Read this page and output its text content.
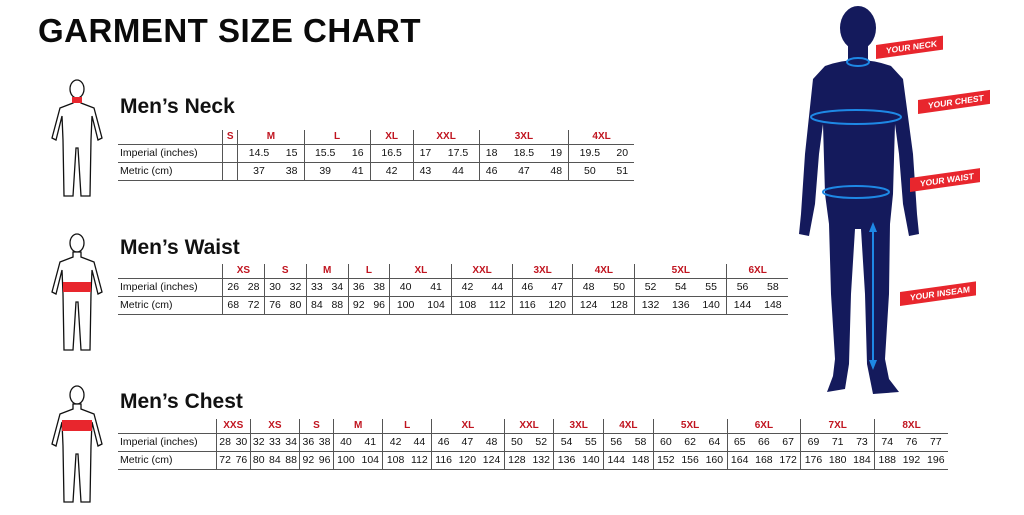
GARMENT SIZE CHART
Men’s Neck
	S	M		L		XL	XXL		3XL			4XL	
Imperial (inches)		14.5	15	15.5	16	16.5	17	17.5	18	18.5	19	19.5	20
Metric (cm)		37	38	39	41	42	43	44	46	47	48	50	51
Men’s Waist
	XS		S		M		L		XL		XXL		3XL		4XL		5XL			6XL	
Imperial (inches)	26	28	30	32	33	34	36	38	40	41	42	44	46	47	48	50	52	54	55	56	58
Metric (cm)	68	72	76	80	84	88	92	96	100	104	108	112	116	120	124	128	132	136	140	144	148
Men’s Chest
	XXS		XS			S		M		L		XL			XXL		3XL		4XL		5XL			6XL			7XL			8XL		
Imperial (inches)	28	30	32	33	34	36	38	40	41	42	44	46	47	48	50	52	54	55	56	58	60	62	64	65	66	67	69	71	73	74	76	77
Metric (cm)	72	76	80	84	88	92	96	100	104	108	112	116	120	124	128	132	136	140	144	148	152	156	160	164	168	172	176	180	184	188	192	196
YOUR NECK
YOUR CHEST
YOUR WAIST
YOUR INSEAM
